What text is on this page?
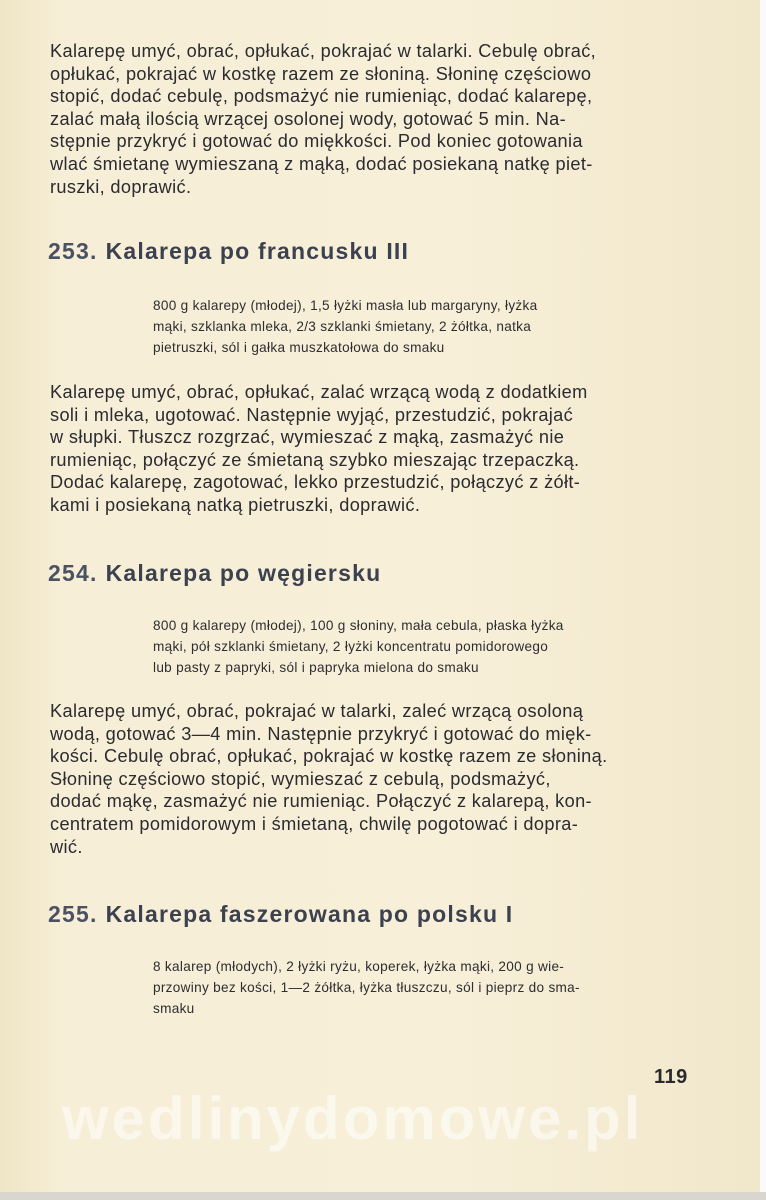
Kalarepę umyć, obrać, opłukać, pokrajać w talarki. Cebulę obrać,
opłukać, pokrajać w kostkę razem ze słoniną. Słoninę częściowo
stopić, dodać cebulę, podsmażyć nie rumieniąc, dodać kalarepę,
zalać małą ilością wrzącej osolonej wody, gotować 5 min. Na-
stępnie przykryć i gotować do miękkości. Pod koniec gotowania
wlać śmietanę wymieszaną z mąką, dodać posiekaną natkę piet-
ruszki, doprawić.

253. Kalarepa po francusku III

800 g kalarepy (młodej), 1,5 łyżki masła lub margaryny, łyżka
mąki, szklanka mleka, 2/3 szklanki śmietany, 2 żółtka, natka
pietruszki, sól i gałka muszkatołowa do smaku

Kalarepę umyć, obrać, opłukać, zalać wrzącą wodą z dodatkiem
soli i mleka, ugotować. Następnie wyjąć, przestudzić, pokrajać
w słupki. Tłuszcz rozgrzać, wymieszać z mąką, zasmażyć nie
rumieniąc, połączyć ze śmietaną szybko mieszając trzepaczką.
Dodać kalarepę, zagotować, lekko przestudzić, połączyć z żółt-
kami i posiekaną natką pietruszki, doprawić.

254. Kalarepa po węgiersku

800 g kalarepy (młodej), 100 g słoniny, mała cebula, płaska łyżka
mąki, pół szklanki śmietany, 2 łyżki koncentratu pomidorowego
lub pasty z papryki, sól i papryka mielona do smaku

Kalarepę umyć, obrać, pokrajać w talarki, zaleć wrzącą osoloną
wodą, gotować 3—4 min. Następnie przykryć i gotować do mięk-
kości. Cebulę obrać, opłukać, pokrajać w kostkę razem ze słoniną.
Słoninę częściowo stopić, wymieszać z cebulą, podsmażyć,
dodać mąkę, zasmażyć nie rumieniąc. Połączyć z kalarepą, kon-
centratem pomidorowym i śmietaną, chwilę pogotować i dopra-
wić.

255. Kalarepa faszerowana po polsku I

8 kalarep (młodych), 2 łyżki ryżu, koperek, łyżka mąki, 200 g wie-
przowiny bez kości, 1—2 żółtka, łyżka tłuszczu, sól i pieprz do sma-
smaku

119
wedlinydomowe.pl
